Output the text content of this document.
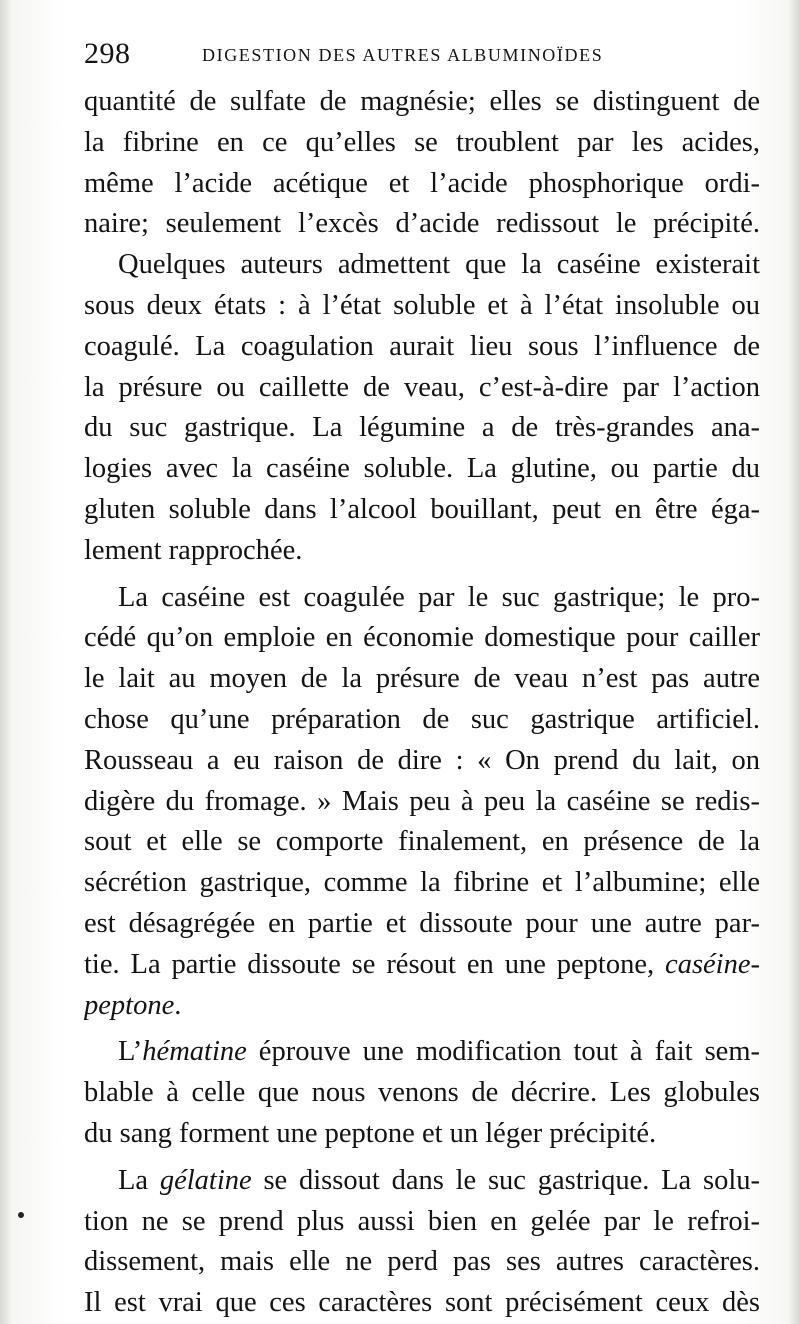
298	DIGESTION DES AUTRES ALBUMINOÏDES
quantité de sulfate de magnésie; elles se distinguent de
la fibrine en ce qu’elles se troublent par les acides,
même l’acide acétique et l’acide phosphorique ordi-
naire; seulement l’excès d’acide redissout le précipité.
Quelques auteurs admettent que la caséine existerait
sous deux états : à l’état soluble et à l’état insoluble ou
coagulé. La coagulation aurait lieu sous l’influence de
la présure ou caillette de veau, c’est-à-dire par l’action
du suc gastrique. La légumine a de très-grandes ana-
logies avec la caséine soluble. La glutine, ou partie du
gluten soluble dans l’alcool bouillant, peut en être éga-
lement rapprochée.
La caséine est coagulée par le suc gastrique; le pro-
cédé qu’on emploie en économie domestique pour cailler
le lait au moyen de la présure de veau n’est pas autre
chose qu’une préparation de suc gastrique artificiel.
Rousseau a eu raison de dire : « On prend du lait, on
digère du fromage. » Mais peu à peu la caséine se redis-
sout et elle se comporte finalement, en présence de la
sécrétion gastrique, comme la fibrine et l’albumine; elle
est désagrégée en partie et dissoute pour une autre par-
tie. La partie dissoute se résout en une peptone, caséine-
peptone.
L’hématine éprouve une modification tout à fait sem-
blable à celle que nous venons de décrire. Les globules
du sang forment une peptone et un léger précipité.
La gélatine se dissout dans le suc gastrique. La solu-
tion ne se prend plus aussi bien en gelée par le refroi-
dissement, mais elle ne perd pas ses autres caractères.
Il est vrai que ces caractères sont précisément ceux dès
